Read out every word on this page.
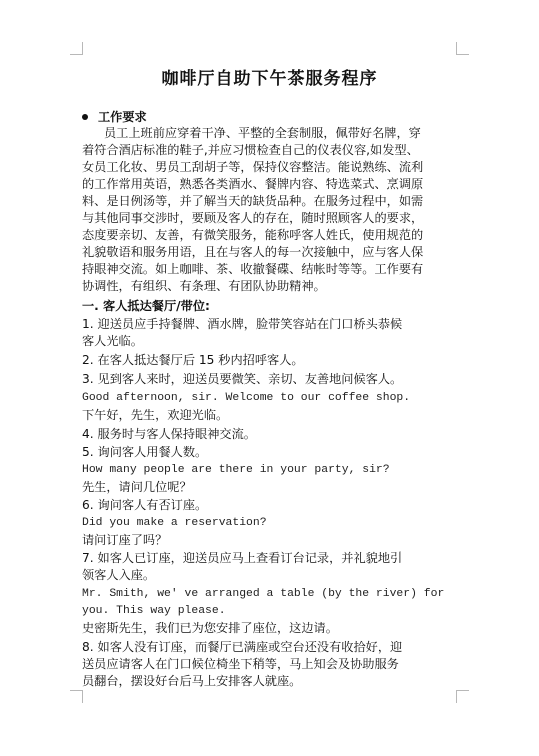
咖啡厅自助下午茶服务程序
工作要求
员工上班前应穿着干净、平整的全套制服，佩带好名牌，穿
着符合酒店标准的鞋子,并应习惯检查自己的仪表仪容,如发型、
女员工化妆、男员工刮胡子等，保持仪容整洁。能说熟练、流利
的工作常用英语，熟悉各类酒水、餐牌内容、特选菜式、烹调原
料、是日例汤等，并了解当天的缺货品种。在服务过程中，如需
与其他同事交涉时，要顾及客人的存在，随时照顾客人的要求，
态度要亲切、友善，有微笑服务，能称呼客人姓氏，使用规范的
礼貌敬语和服务用语，且在与客人的每一次接触中，应与客人保
持眼神交流。如上咖啡、茶、收撤餐碟、结帐时等等。工作要有
协调性，有组织、有条理、有团队协助精神。
一. 客人抵达餐厅/带位:
1. 迎送员应手持餐牌、酒水牌，脸带笑容站在门口桥头恭候
客人光临。
2. 在客人抵达餐厅后 15 秒内招呼客人。
3. 见到客人来时，迎送员要微笑、亲切、友善地问候客人。
Good afternoon, sir. Welcome to our coffee shop.
下午好，先生，欢迎光临。
4. 服务时与客人保持眼神交流。
5. 询问客人用餐人数。
How many people are there in your party, sir?
先生，请问几位呢？
6. 询问客人有否订座。
Did you make a reservation?
请问订座了吗？
7. 如客人已订座，迎送员应马上查看订台记录，并礼貌地引
领客人入座。
Mr. Smith, we' ve arranged a table (by the river) for
you. This way please.
史密斯先生，我们已为您安排了座位，这边请。
8. 如客人没有订座，而餐厅已满座或空台还没有收拾好，迎
送员应请客人在门口候位椅坐下稍等，马上知会及协助服务
员翻台，摆设好台后马上安排客人就座。
